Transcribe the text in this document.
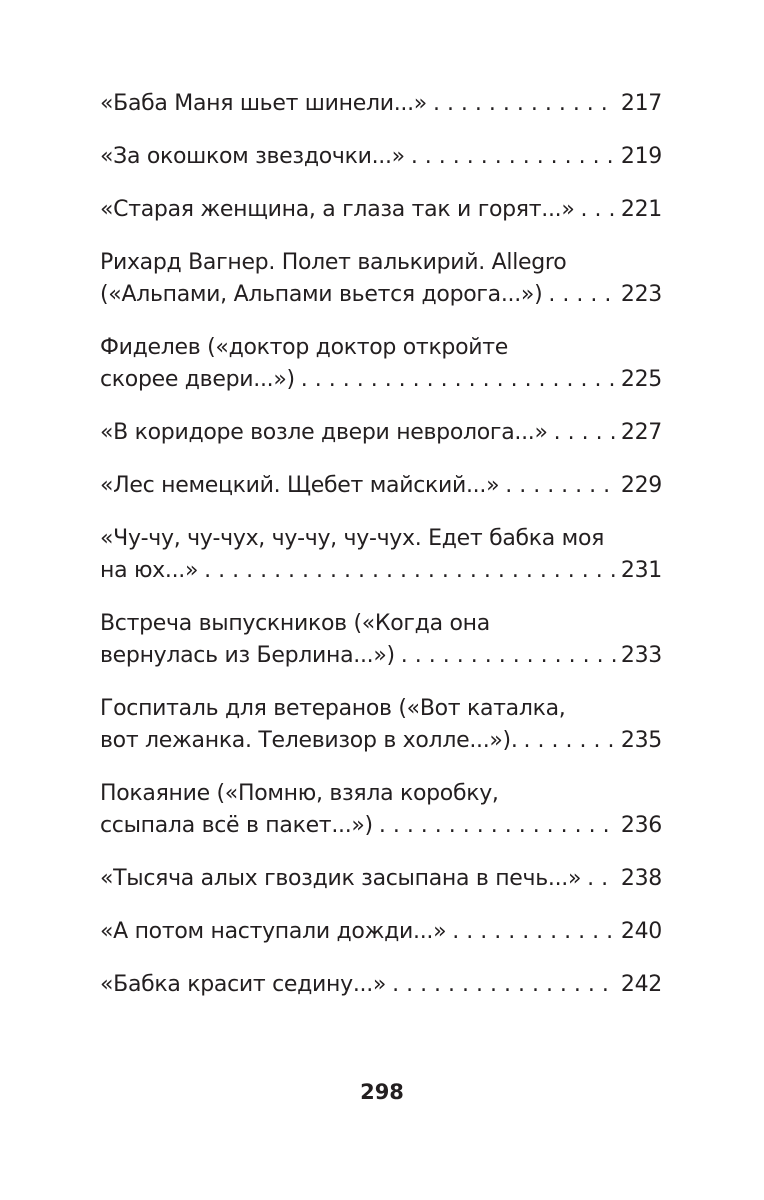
«Баба Маня шьет шинели...» . . .	217
«За окошком звездочки...» . . .	219
«Старая женщина, а глаза так и горят...» . . . 221
Рихард Вагнер. Полет валькирий. Allegro
(«Альпами, Альпами вьется дорога...») . . .	223
Фиделев («доктор доктор откройте
скорее двери...») . . .	225
«В коридоре возле двери невролога...» . . .	227
«Лес немецкий. Щебет майский...» . . .	229
«Чу-чу, чу-чух, чу-чу, чу-чух. Едет бабка моя
на юх...» . . .	231
Встреча выпускников («Когда она
вернулась из Берлина...») . . .	233
Госпиталь для ветеранов («Вот каталка,
вот лежанка. Телевизор в холле...»). . . .	235
Покаяние («Помню, взяла коробку,
ссыпала всё в пакет...») . . .	236
«Тысяча алых гвоздик засыпана в печь...» . . . 238
«А потом наступали дожди...» . . .	240
«Бабка красит седину...» . . .	242
298
